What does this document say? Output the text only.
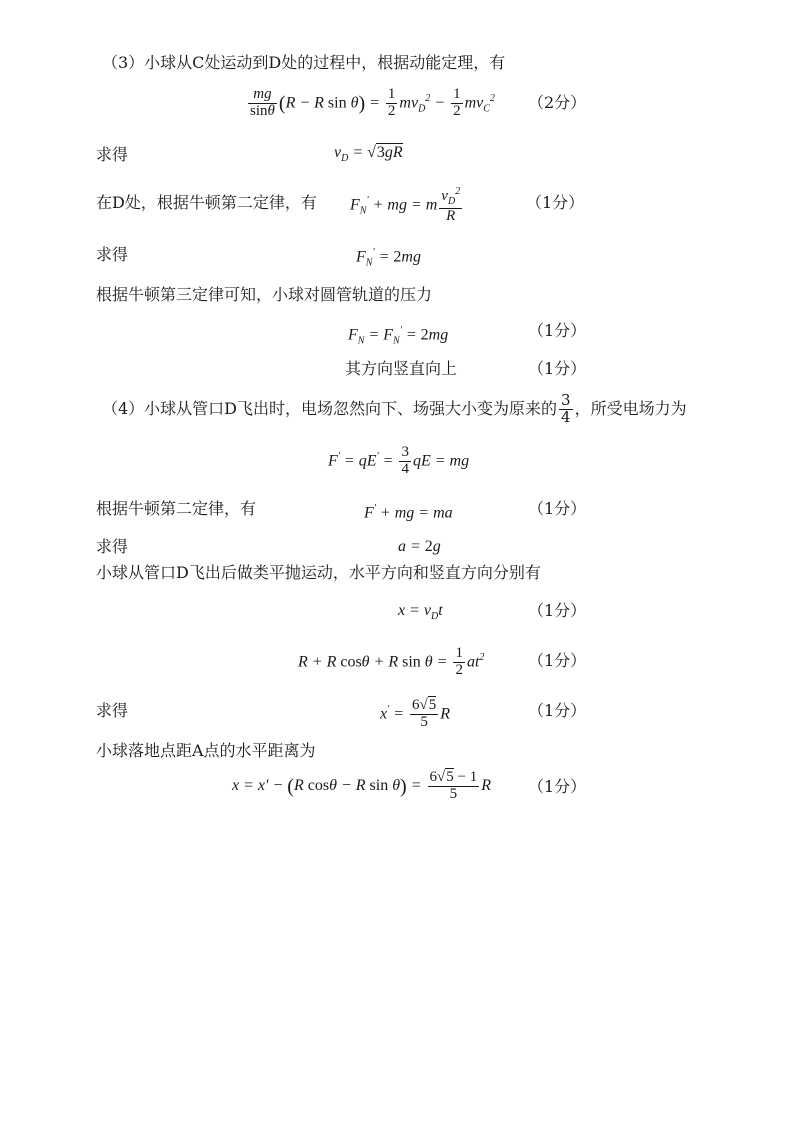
（3）小球从C处运动到D处的过程中，根据动能定理，有
$\frac{mg}{\sin\theta} (R - R$ $\sin \theta) = \frac{1}{2} mv_D^2 - \frac{1}{2} mv_C^2$ （2分）
求得	$v_D = √3gR$
在D处，根据牛顿第二定律，有 $F_N'$ + mg = m $\frac{v_D^2}{R}$	（1分）
求得	$F_N' = 2mg$
根据牛顿第三定律可知，小球对圆管轨道的压力
$F_N = F_N' = 2mg$	（1分）
其方向竖直向上	（1分）
（4）小球从管口D飞出时，电场忽然向下、场强大小变为原来的 $\frac{3}{4}$ ，所受电场力为
$F' = qE' = \frac{3}{4}$ qE = mg
根据牛顿第二定律，有	F' + mg = ma	（1分）
求得	a = 2g
小球从管口D飞出后做类平抛运动，水平方向和竖直方向分别有
$x = v_Dt$	（1分）
R + R cosθ + R $\sin \theta = \frac{1}{2} at^2$	（1分）
求得	$x' = \frac{6√5}{5}$ R	（1分）
小球落地点距A点的水平距离为
x = x′ − (R cosθ − R $\sin \theta) = \frac{6√5 - 1}{5}$ R （1分）
